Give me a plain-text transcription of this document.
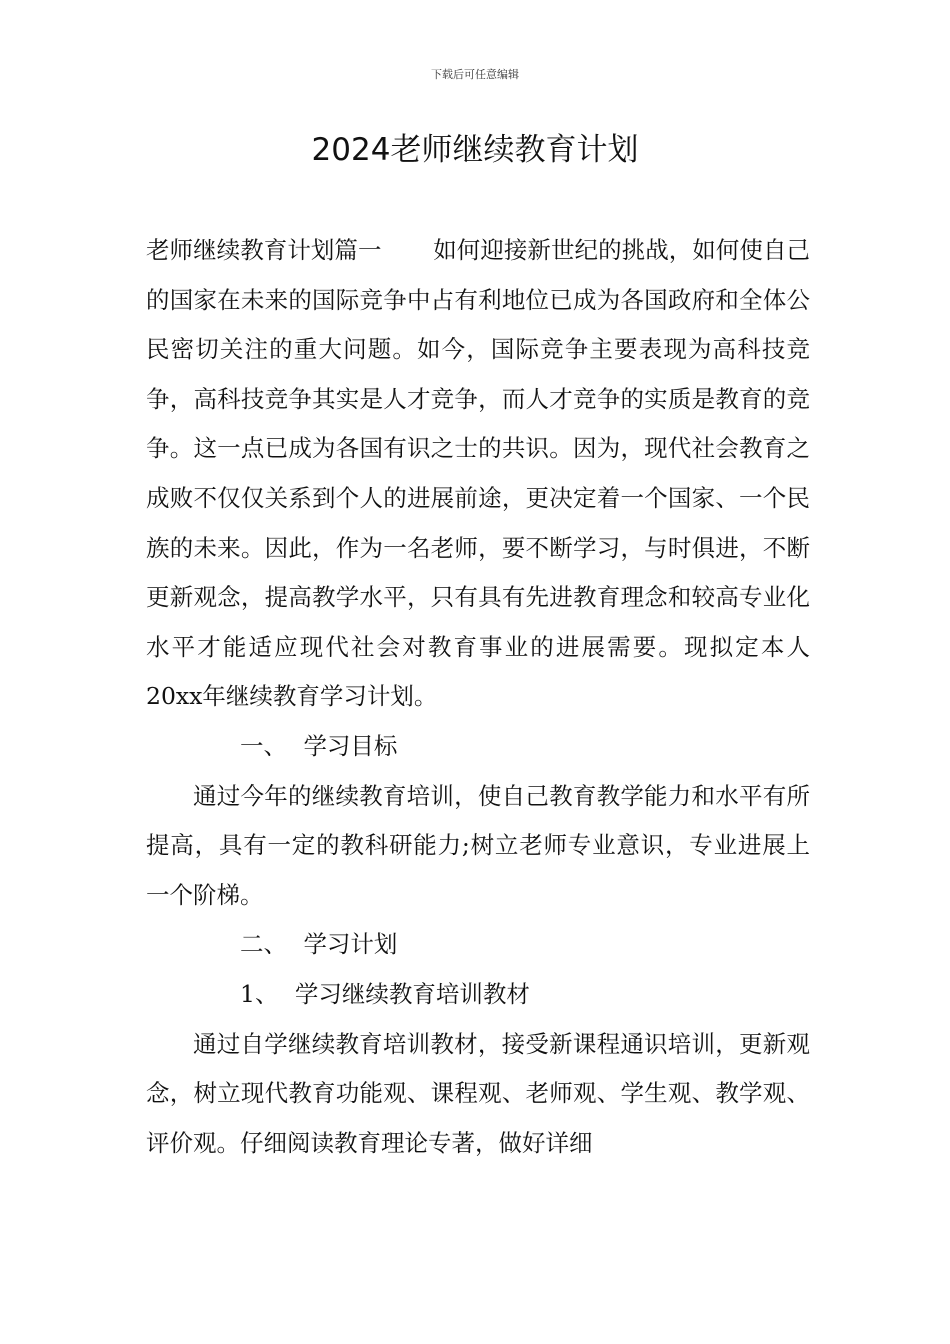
下载后可任意编辑
2024老师继续教育计划

老师继续教育计划篇一 如何迎接新世纪的挑战，如何使自己的国家在未来的国际竞争中占有利地位已成为各国政府和全体公民密切关注的重大问题。如今，国际竞争主要表现为高科技竞争，高科技竞争其实是人才竞争，而人才竞争的实质是教育的竞争。这一点已成为各国有识之士的共识。因为，现代社会教育之成败不仅仅关系到个人的进展前途，更决定着一个国家、一个民族的未来。因此，作为一名老师，要不断学习，与时俱进，不断更新观念，提高教学水平，只有具有先进教育理念和较高专业化水平才能适应现代社会对教育事业的进展需要。现拟定本人20xx年继续教育学习计划。

一、 学习目标

通过今年的继续教育培训，使自己教育教学能力和水平有所提高，具有一定的教科研能力;树立老师专业意识，专业进展上一个阶梯。

二、 学习计划

1、 学习继续教育培训教材

通过自学继续教育培训教材，接受新课程通识培训，更新观念，树立现代教育功能观、课程观、老师观、学生观、教学观、评价观。仔细阅读教育理论专著，做好详细
